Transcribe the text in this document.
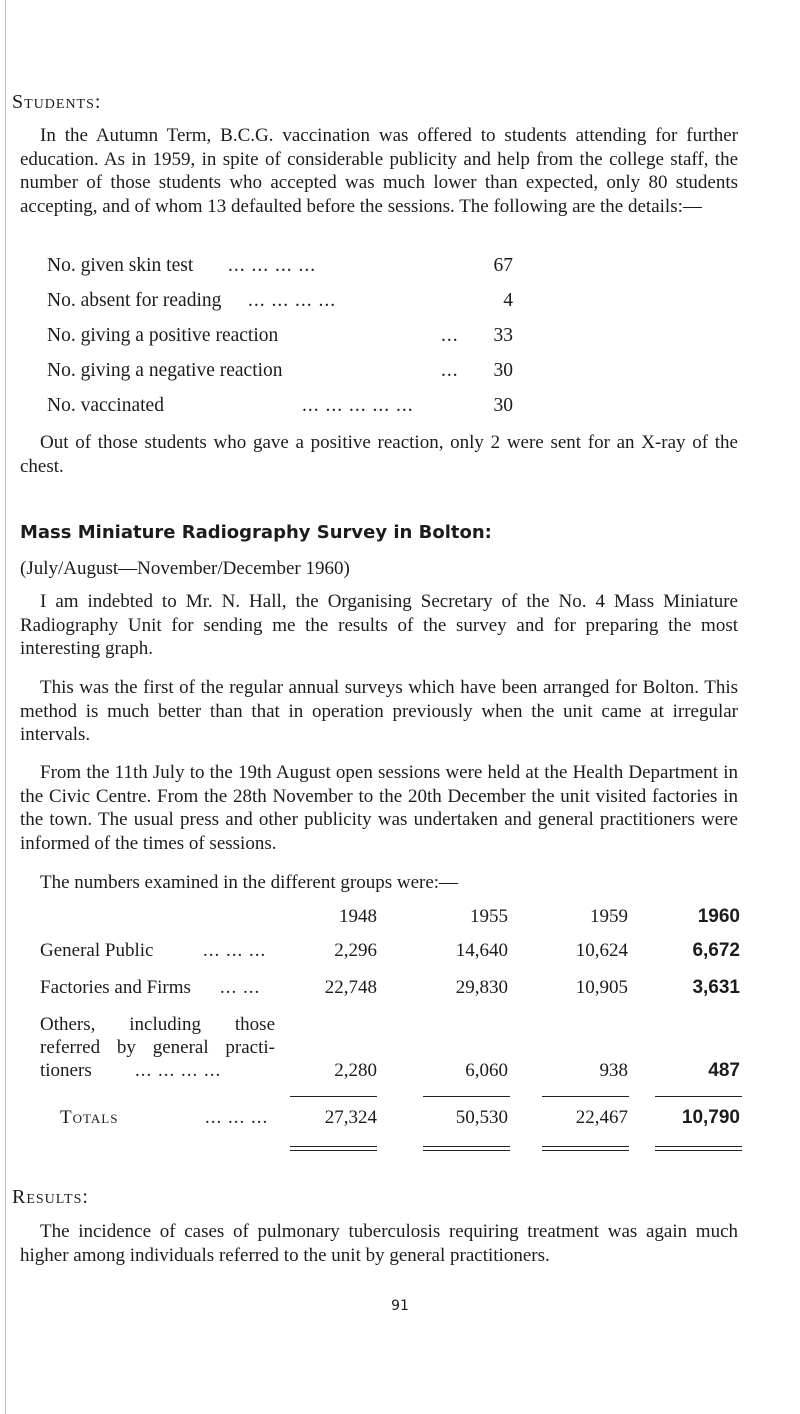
Students:

In the Autumn Term, B.C.G. vaccination was offered to students attending for further education. As in 1959, in spite of considerable publicity and help from the college staff, the number of those students who accepted was much lower than expected, only 80 students accepting, and of whom 13 defaulted before the sessions. The following are the details:—

No. given skin test ... ... ... ...	67
No. absent for reading ... ... ... ...	4
No. giving a positive reaction	...	33
No. giving a negative reaction	...	30
No. vaccinated	... ... ... ... ...	30

Out of those students who gave a positive reaction, only 2 were sent for an X-ray of the chest.

Mass Miniature Radiography Survey in Bolton:
(July/August—November/December 1960)

I am indebted to Mr. N. Hall, the Organising Secretary of the No. 4 Mass Miniature Radiography Unit for sending me the results of the survey and for preparing the most interesting graph.

This was the first of the regular annual surveys which have been arranged for Bolton. This method is much better than that in operation previously when the unit came at irregular intervals.

From the 11th July to the 19th August open sessions were held at the Health Department in the Civic Centre. From the 28th November to the 20th December the unit visited factories in the town. The usual press and other publicity was undertaken and general practitioners were informed of the times of sessions.

The numbers examined in the different groups were:—
1948	1955	1959	1960
General Public	... ... ...	2,296	14,640	10,624	6,672
Factories and Firms ... ...	22,748	29,830	10,905	3,631
Others, including those
referred by general practi-
tioners ... ... ... ...	2,280	6,060	938	487
Totals	... ... ...	27,324	50,530	22,467	10,790
Results:

The incidence of cases of pulmonary tuberculosis requiring treatment was again much higher among individuals referred to the unit by general practitioners.

91
